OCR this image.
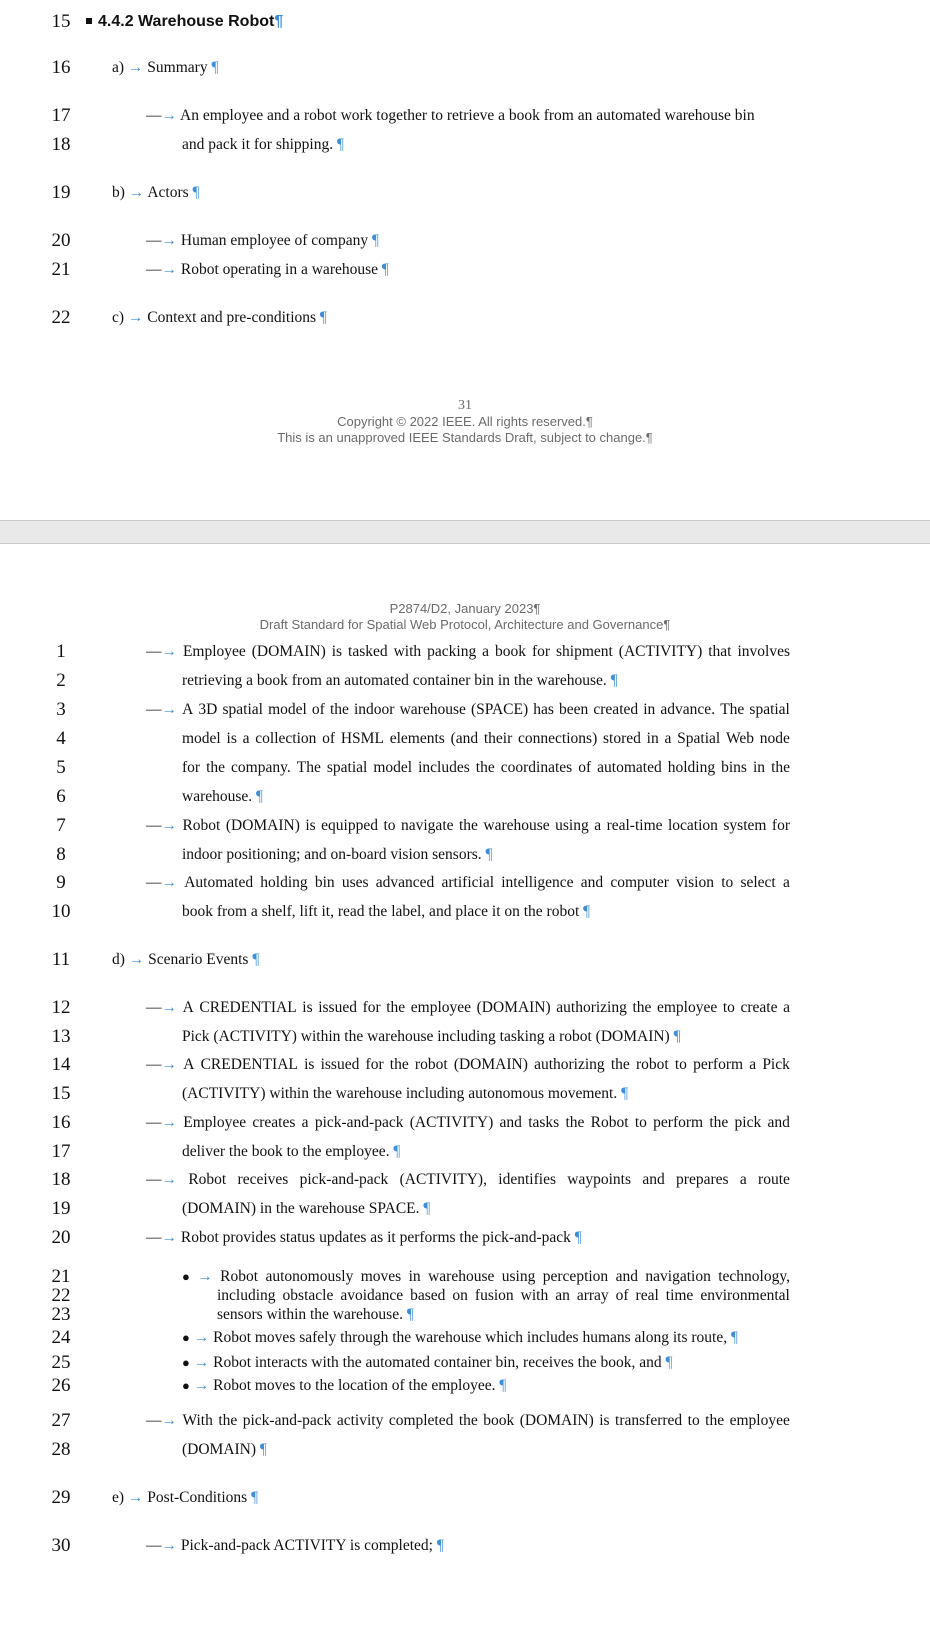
15	4.4.2 Warehouse Robot¶
16	a) → Summary ¶
17	—→ An employee and a robot work together to retrieve a book from an automated warehouse bin
18	and pack it for shipping. ¶
19	b) → Actors ¶
20	—→ Human employee of company ¶
21	—→ Robot operating in a warehouse ¶
22	c) → Context and pre-conditions ¶
31
Copyright © 2022 IEEE. All rights reserved.¶
This is an unapproved IEEE Standards Draft, subject to change.¶
P2874/D2, January 2023¶
Draft Standard for Spatial Web Protocol, Architecture and Governance¶
1	—→ Employee (DOMAIN) is tasked with packing a book for shipment (ACTIVITY) that involves
2	retrieving a book from an automated container bin in the warehouse. ¶
3	—→ A 3D spatial model of the indoor warehouse (SPACE) has been created in advance. The spatial
4	model is a collection of HSML elements (and their connections) stored in a Spatial Web node
5	for the company. The spatial model includes the coordinates of automated holding bins in the
6	warehouse. ¶
7	—→ Robot (DOMAIN) is equipped to navigate the warehouse using a real-time location system for
8	indoor positioning; and on-board vision sensors. ¶
9	—→ Automated holding bin uses advanced artificial intelligence and computer vision to select a
10	book from a shelf, lift it, read the label, and place it on the robot ¶
11	d) → Scenario Events ¶
12	—→ A CREDENTIAL is issued for the employee (DOMAIN) authorizing the employee to create a
13	Pick (ACTIVITY) within the warehouse including tasking a robot (DOMAIN) ¶
14	—→ A CREDENTIAL is issued for the robot (DOMAIN) authorizing the robot to perform a Pick
15	(ACTIVITY) within the warehouse including autonomous movement. ¶
16	—→ Employee creates a pick-and-pack (ACTIVITY) and tasks the Robot to perform the pick and
17	deliver the book to the employee. ¶
18	—→ Robot receives pick-and-pack (ACTIVITY), identifies waypoints and prepares a route
19	(DOMAIN) in the warehouse SPACE. ¶
20	—→ Robot provides status updates as it performs the pick-and-pack ¶
21	● → Robot autonomously moves in warehouse using perception and navigation technology,
22	including obstacle avoidance based on fusion with an array of real time environmental
23	sensors within the warehouse. ¶
24	● → Robot moves safely through the warehouse which includes humans along its route, ¶
25	● → Robot interacts with the automated container bin, receives the book, and ¶
26	● → Robot moves to the location of the employee. ¶
27	—→ With the pick-and-pack activity completed the book (DOMAIN) is transferred to the employee
28	(DOMAIN) ¶
29	e) → Post-Conditions ¶
30	—→ Pick-and-pack ACTIVITY is completed; ¶
